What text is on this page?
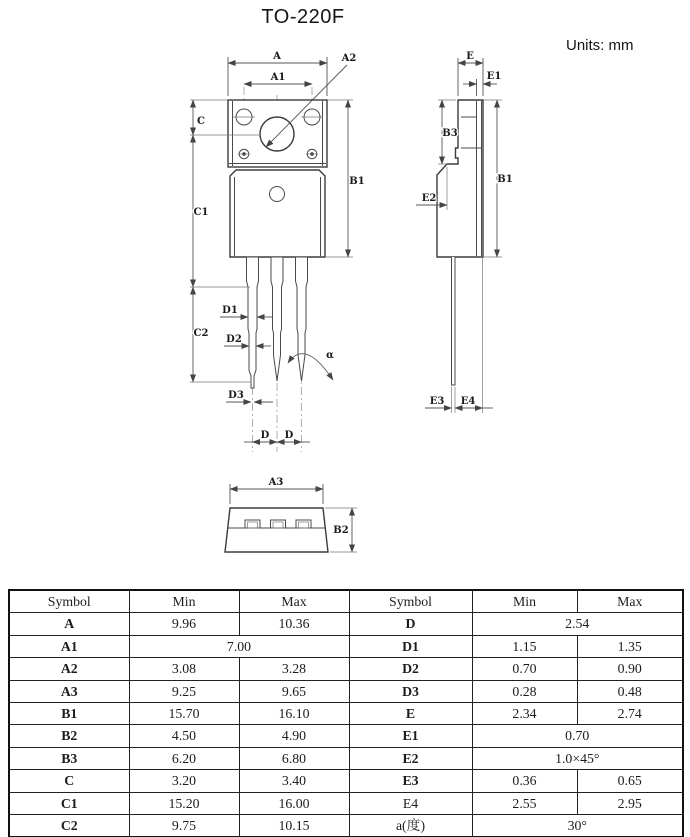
TO-220F
Units: mm
A
A1
A2
C
C1
C2
B1
D1
D2
D3
α
D D
E
E1
B3
B1
E2
E3 E4
A3
B2
Symbol	Min	Max	Symbol	Min	Max
A	9.96	10.36	D	2.54	
A1	7.00		D1	1.15	1.35
A2	3.08	3.28	D2	0.70	0.90
A3	9.25	9.65	D3	0.28	0.48
B1	15.70	16.10	E	2.34	2.74
B2	4.50	4.90	E1	0.70	
B3	6.20	6.80	E2	1.0×45°	
C	3.20	3.40	E3	0.36	0.65
C1	15.20	16.00	E4	2.55	2.95
C2	9.75	10.15	a(度)	30°	
